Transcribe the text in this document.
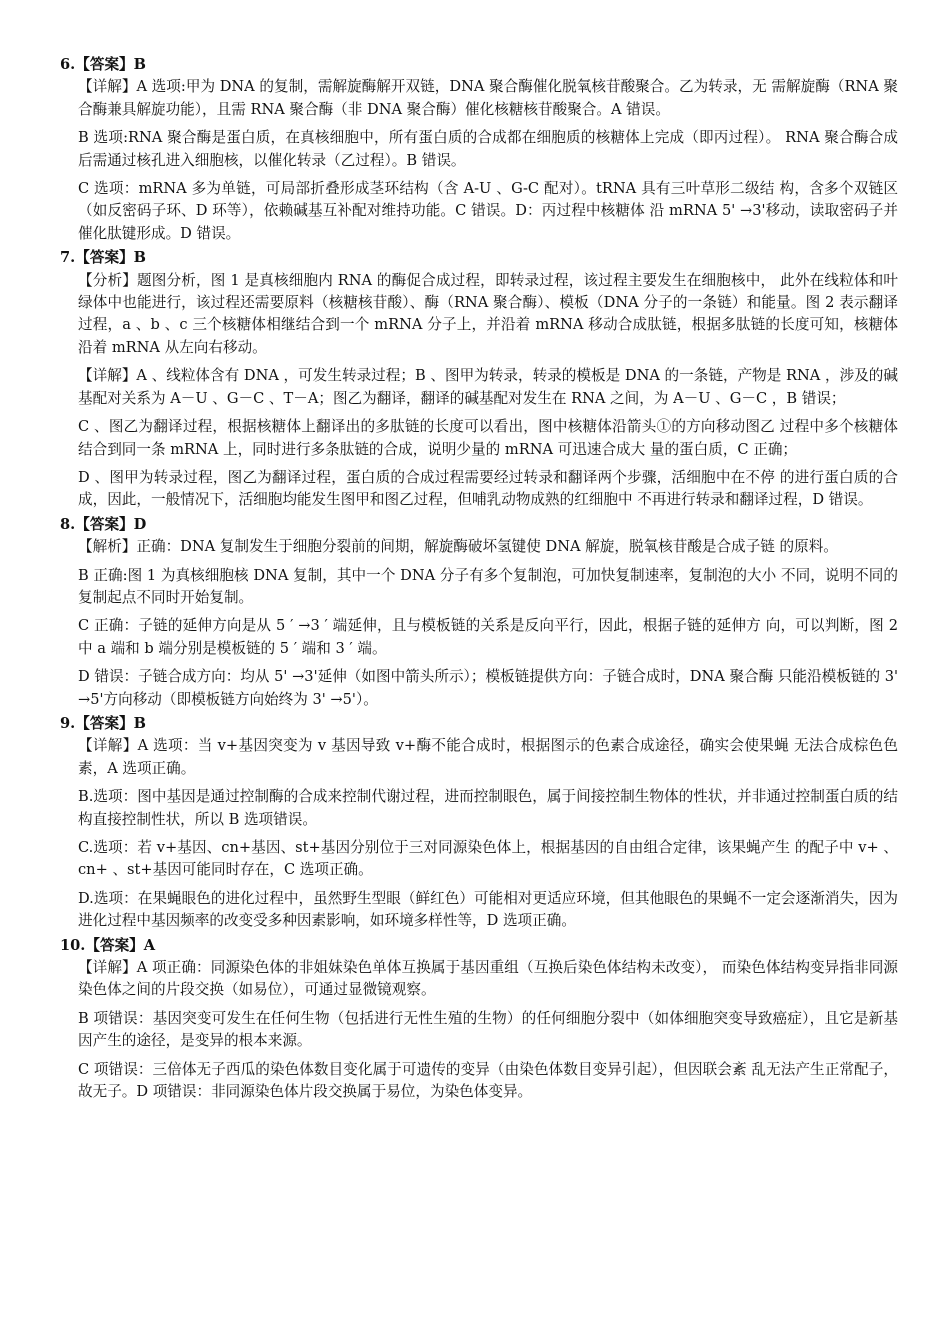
6.【答案】B
【详解】A 选项:甲为 DNA 的复制，需解旋酶解开双链，DNA 聚合酶催化脱氧核苷酸聚合。乙为转录，无 需解旋酶（RNA 聚合酶兼具解旋功能），且需 RNA 聚合酶（非 DNA 聚合酶）催化核糖核苷酸聚合。A 错误。
B 选项:RNA 聚合酶是蛋白质，在真核细胞中，所有蛋白质的合成都在细胞质的核糖体上完成（即丙过程）。 RNA 聚合酶合成后需通过核孔进入细胞核，以催化转录（乙过程）。B 错误。
C 选项：mRNA 多为单链，可局部折叠形成茎环结构（含 A-U 、G-C 配对）。tRNA 具有三叶草形二级结 构，含多个双链区（如反密码子环、D 环等），依赖碱基互补配对维持功能。C 错误。D：丙过程中核糖体 沿 mRNA 5' →3'移动，读取密码子并催化肽键形成。D 错误。
7.【答案】B
【分析】题图分析，图 1 是真核细胞内 RNA 的酶促合成过程，即转录过程，该过程主要发生在细胞核中， 此外在线粒体和叶绿体中也能进行，该过程还需要原料（核糖核苷酸）、酶（RNA 聚合酶）、模板（DNA 分子的一条链）和能量。图 2 表示翻译过程，a 、b 、c 三个核糖体相继结合到一个 mRNA 分子上，并沿着 mRNA 移动合成肽链，根据多肽链的长度可知，核糖体沿着 mRNA 从左向右移动。
【详解】A 、线粒体含有 DNA ，可发生转录过程；B 、图甲为转录，转录的模板是 DNA 的一条链，产物是 RNA ，涉及的碱基配对关系为 A－U 、G－C 、T－A；图乙为翻译，翻译的碱基配对发生在 RNA 之间，为 A－U 、G－C ，B 错误；
C 、图乙为翻译过程，根据核糖体上翻译出的多肽链的长度可以看出，图中核糖体沿箭头①的方向移动图乙 过程中多个核糖体结合到同一条 mRNA 上，同时进行多条肽链的合成，说明少量的 mRNA 可迅速合成大 量的蛋白质，C 正确；
D 、图甲为转录过程，图乙为翻译过程，蛋白质的合成过程需要经过转录和翻译两个步骤，活细胞中在不停 的进行蛋白质的合成，因此，一般情况下，活细胞均能发生图甲和图乙过程，但哺乳动物成熟的红细胞中 不再进行转录和翻译过程，D 错误。
8.【答案】D
【解析】正确：DNA 复制发生于细胞分裂前的间期，解旋酶破坏氢键使 DNA 解旋，脱氧核苷酸是合成子链 的原料。
B 正确:图 1 为真核细胞核 DNA 复制，其中一个 DNA 分子有多个复制泡，可加快复制速率，复制泡的大小 不同，说明不同的复制起点不同时开始复制。
C 正确：子链的延伸方向是从 5 ′ →3 ′ 端延伸，且与模板链的关系是反向平行，因此，根据子链的延伸方 向，可以判断，图 2 中 a 端和 b 端分别是模板链的 5 ′ 端和 3 ′ 端。
D 错误：子链合成方向：均从 5' →3'延伸（如图中箭头所示）；模板链提供方向：子链合成时，DNA 聚合酶 只能沿模板链的 3' →5'方向移动（即模板链方向始终为 3' →5'）。
9.【答案】B
【详解】A 选项：当 v+基因突变为 v 基因导致 v+酶不能合成时，根据图示的色素合成途径，确实会使果蝇 无法合成棕色色素，A 选项正确。
B.选项：图中基因是通过控制酶的合成来控制代谢过程，进而控制眼色，属于间接控制生物体的性状，并非通过控制蛋白质的结构直接控制性状，所以 B 选项错误。
C.选项：若 v+基因、cn+基因、st+基因分别位于三对同源染色体上，根据基因的自由组合定律，该果蝇产生 的配子中 v+ 、cn+ 、st+基因可能同时存在，C 选项正确。
D.选项：在果蝇眼色的进化过程中，虽然野生型眼（鲜红色）可能相对更适应环境，但其他眼色的果蝇不一定会逐渐消失，因为进化过程中基因频率的改变受多种因素影响，如环境多样性等，D 选项正确。
10.【答案】A
【详解】A 项正确：同源染色体的非姐妹染色单体互换属于基因重组（互换后染色体结构未改变）， 而染色体结构变异指非同源染色体之间的片段交换（如易位），可通过显微镜观察。
B 项错误：基因突变可发生在任何生物（包括进行无性生殖的生物）的任何细胞分裂中（如体细胞突变导致癌症），且它是新基因产生的途径，是变异的根本来源。
C 项错误：三倍体无子西瓜的染色体数目变化属于可遗传的变异（由染色体数目变异引起），但因联会紊 乱无法产生正常配子，故无子。D 项错误：非同源染色体片段交换属于易位，为染色体变异。
